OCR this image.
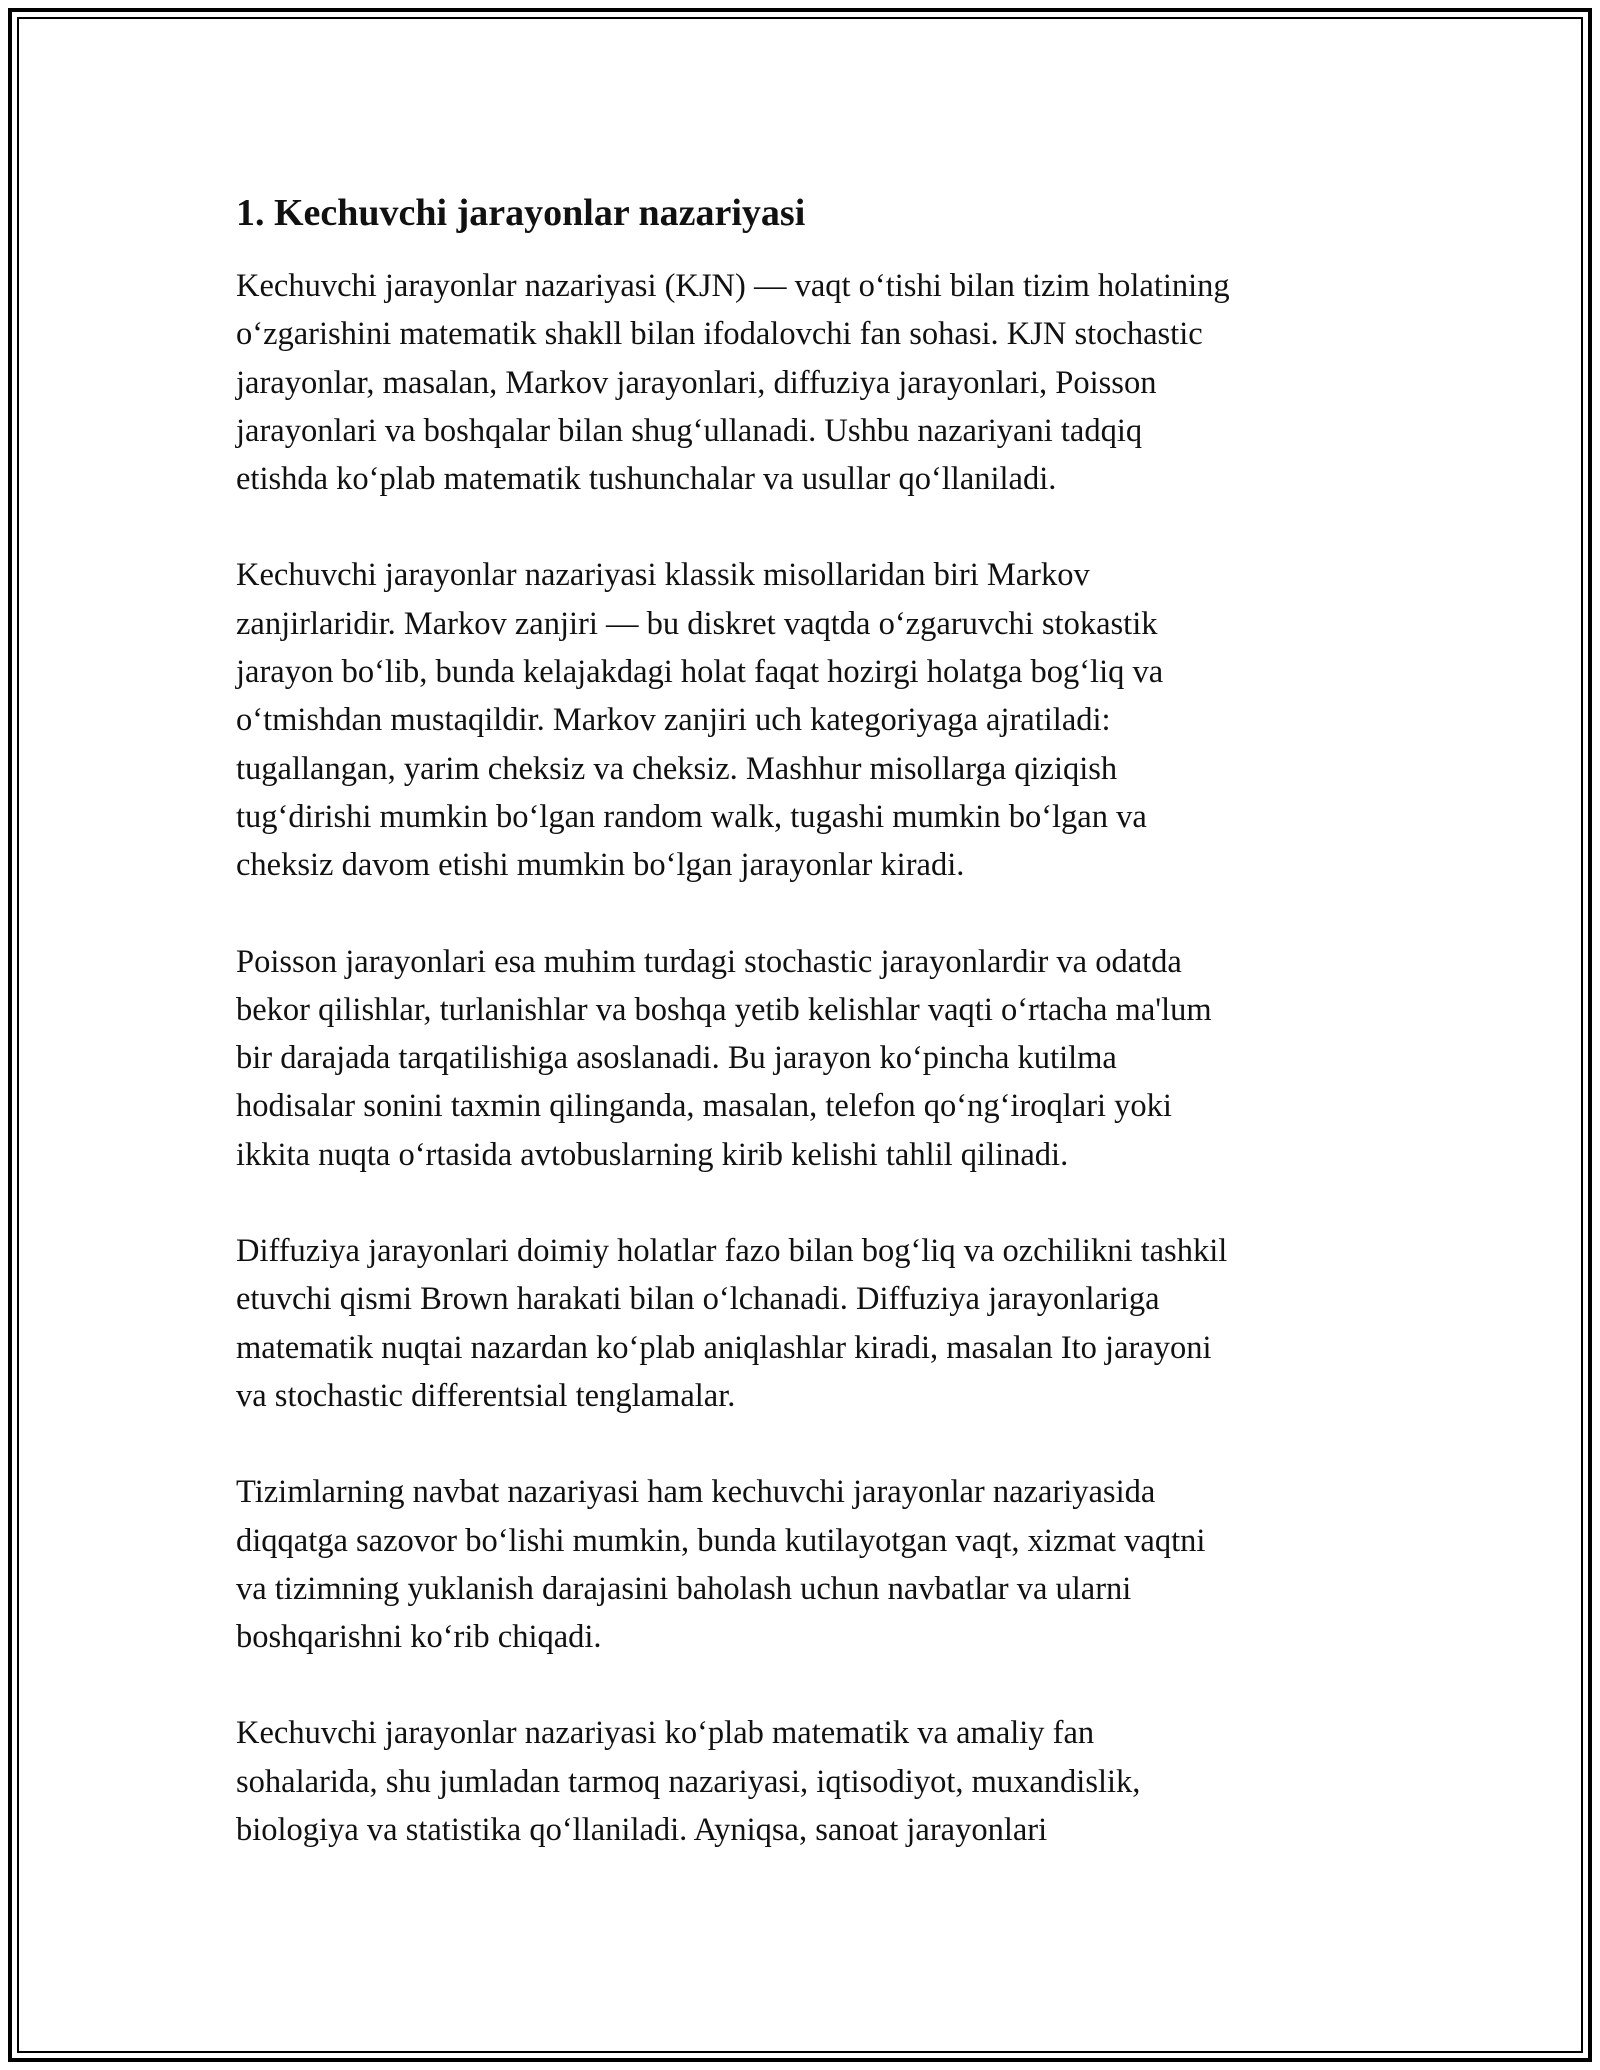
1. Kechuvchi jarayonlar nazariyasi
Kechuvchi jarayonlar nazariyasi (KJN) — vaqt o‘tishi bilan tizim holatining
o‘zgarishini matematik shakll bilan ifodalovchi fan sohasi. KJN stochastic
jarayonlar, masalan, Markov jarayonlari, diffuziya jarayonlari, Poisson
jarayonlari va boshqalar bilan shug‘ullanadi. Ushbu nazariyani tadqiq
etishda ko‘plab matematik tushunchalar va usullar qo‘llaniladi.
Kechuvchi jarayonlar nazariyasi klassik misollaridan biri Markov
zanjirlaridir. Markov zanjiri — bu diskret vaqtda o‘zgaruvchi stokastik
jarayon bo‘lib, bunda kelajakdagi holat faqat hozirgi holatga bog‘liq va
o‘tmishdan mustaqildir. Markov zanjiri uch kategoriyaga ajratiladi:
tugallangan, yarim cheksiz va cheksiz. Mashhur misollarga qiziqish
tug‘dirishi mumkin bo‘lgan random walk, tugashi mumkin bo‘lgan va
cheksiz davom etishi mumkin bo‘lgan jarayonlar kiradi.
Poisson jarayonlari esa muhim turdagi stochastic jarayonlardir va odatda
bekor qilishlar, turlanishlar va boshqa yetib kelishlar vaqti o‘rtacha ma'lum
bir darajada tarqatilishiga asoslanadi. Bu jarayon ko‘pincha kutilma
hodisalar sonini taxmin qilinganda, masalan, telefon qo‘ng‘iroqlari yoki
ikkita nuqta o‘rtasida avtobuslarning kirib kelishi tahlil qilinadi.
Diffuziya jarayonlari doimiy holatlar fazo bilan bog‘liq va ozchilikni tashkil
etuvchi qismi Brown harakati bilan o‘lchanadi. Diffuziya jarayonlariga
matematik nuqtai nazardan ko‘plab aniqlashlar kiradi, masalan Ito jarayoni
va stochastic differentsial tenglamalar.
Tizimlarning navbat nazariyasi ham kechuvchi jarayonlar nazariyasida
diqqatga sazovor bo‘lishi mumkin, bunda kutilayotgan vaqt, xizmat vaqtni
va tizimning yuklanish darajasini baholash uchun navbatlar va ularni
boshqarishni ko‘rib chiqadi.
Kechuvchi jarayonlar nazariyasi ko‘plab matematik va amaliy fan
sohalarida, shu jumladan tarmoq nazariyasi, iqtisodiyot, muxandislik,
biologiya va statistika qo‘llaniladi. Ayniqsa, sanoat jarayonlari
